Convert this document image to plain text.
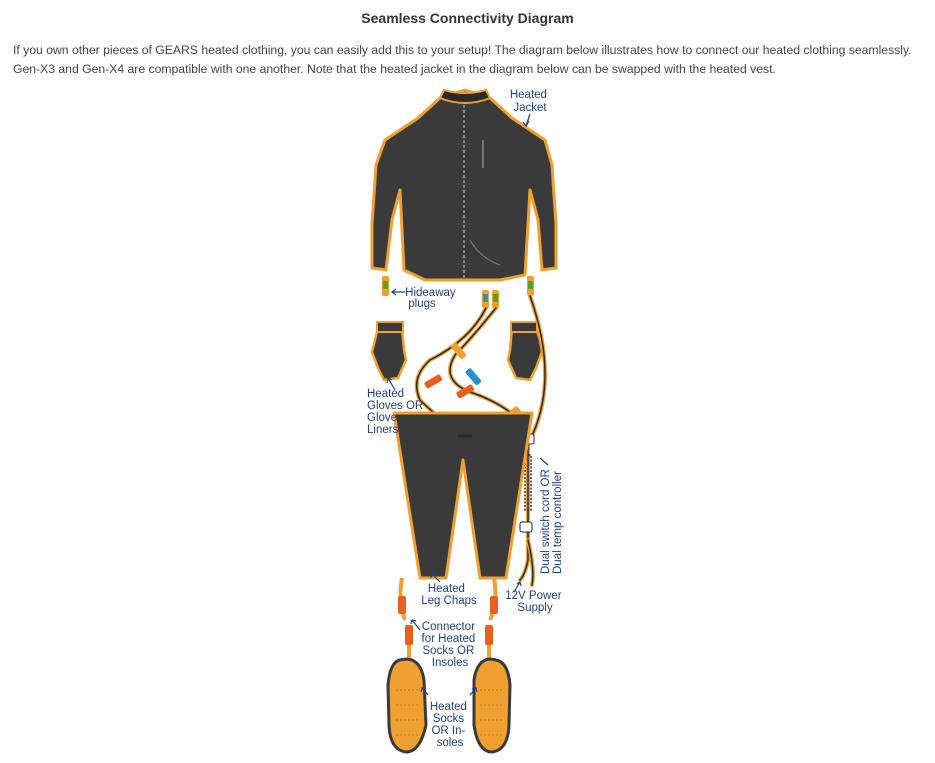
Seamless Connectivity Diagram

If you own other pieces of GEARS heated clothing, you can easily add this to your setup! The diagram below illustrates how to connect our heated clothing seamlessly. Gen-X3 and Gen-X4 are compatible with one another. Note that the heated jacket in the diagram below can be swapped with the heated vest.

Heated Jacket
Hideaway plugs
Heated Gloves OR Glove Liners
Heated Leg Chaps
Dual switch cord OR Dual temp controller
12V Power Supply
Connector for Heated Socks OR Insoles
Heated Socks OR In- soles
